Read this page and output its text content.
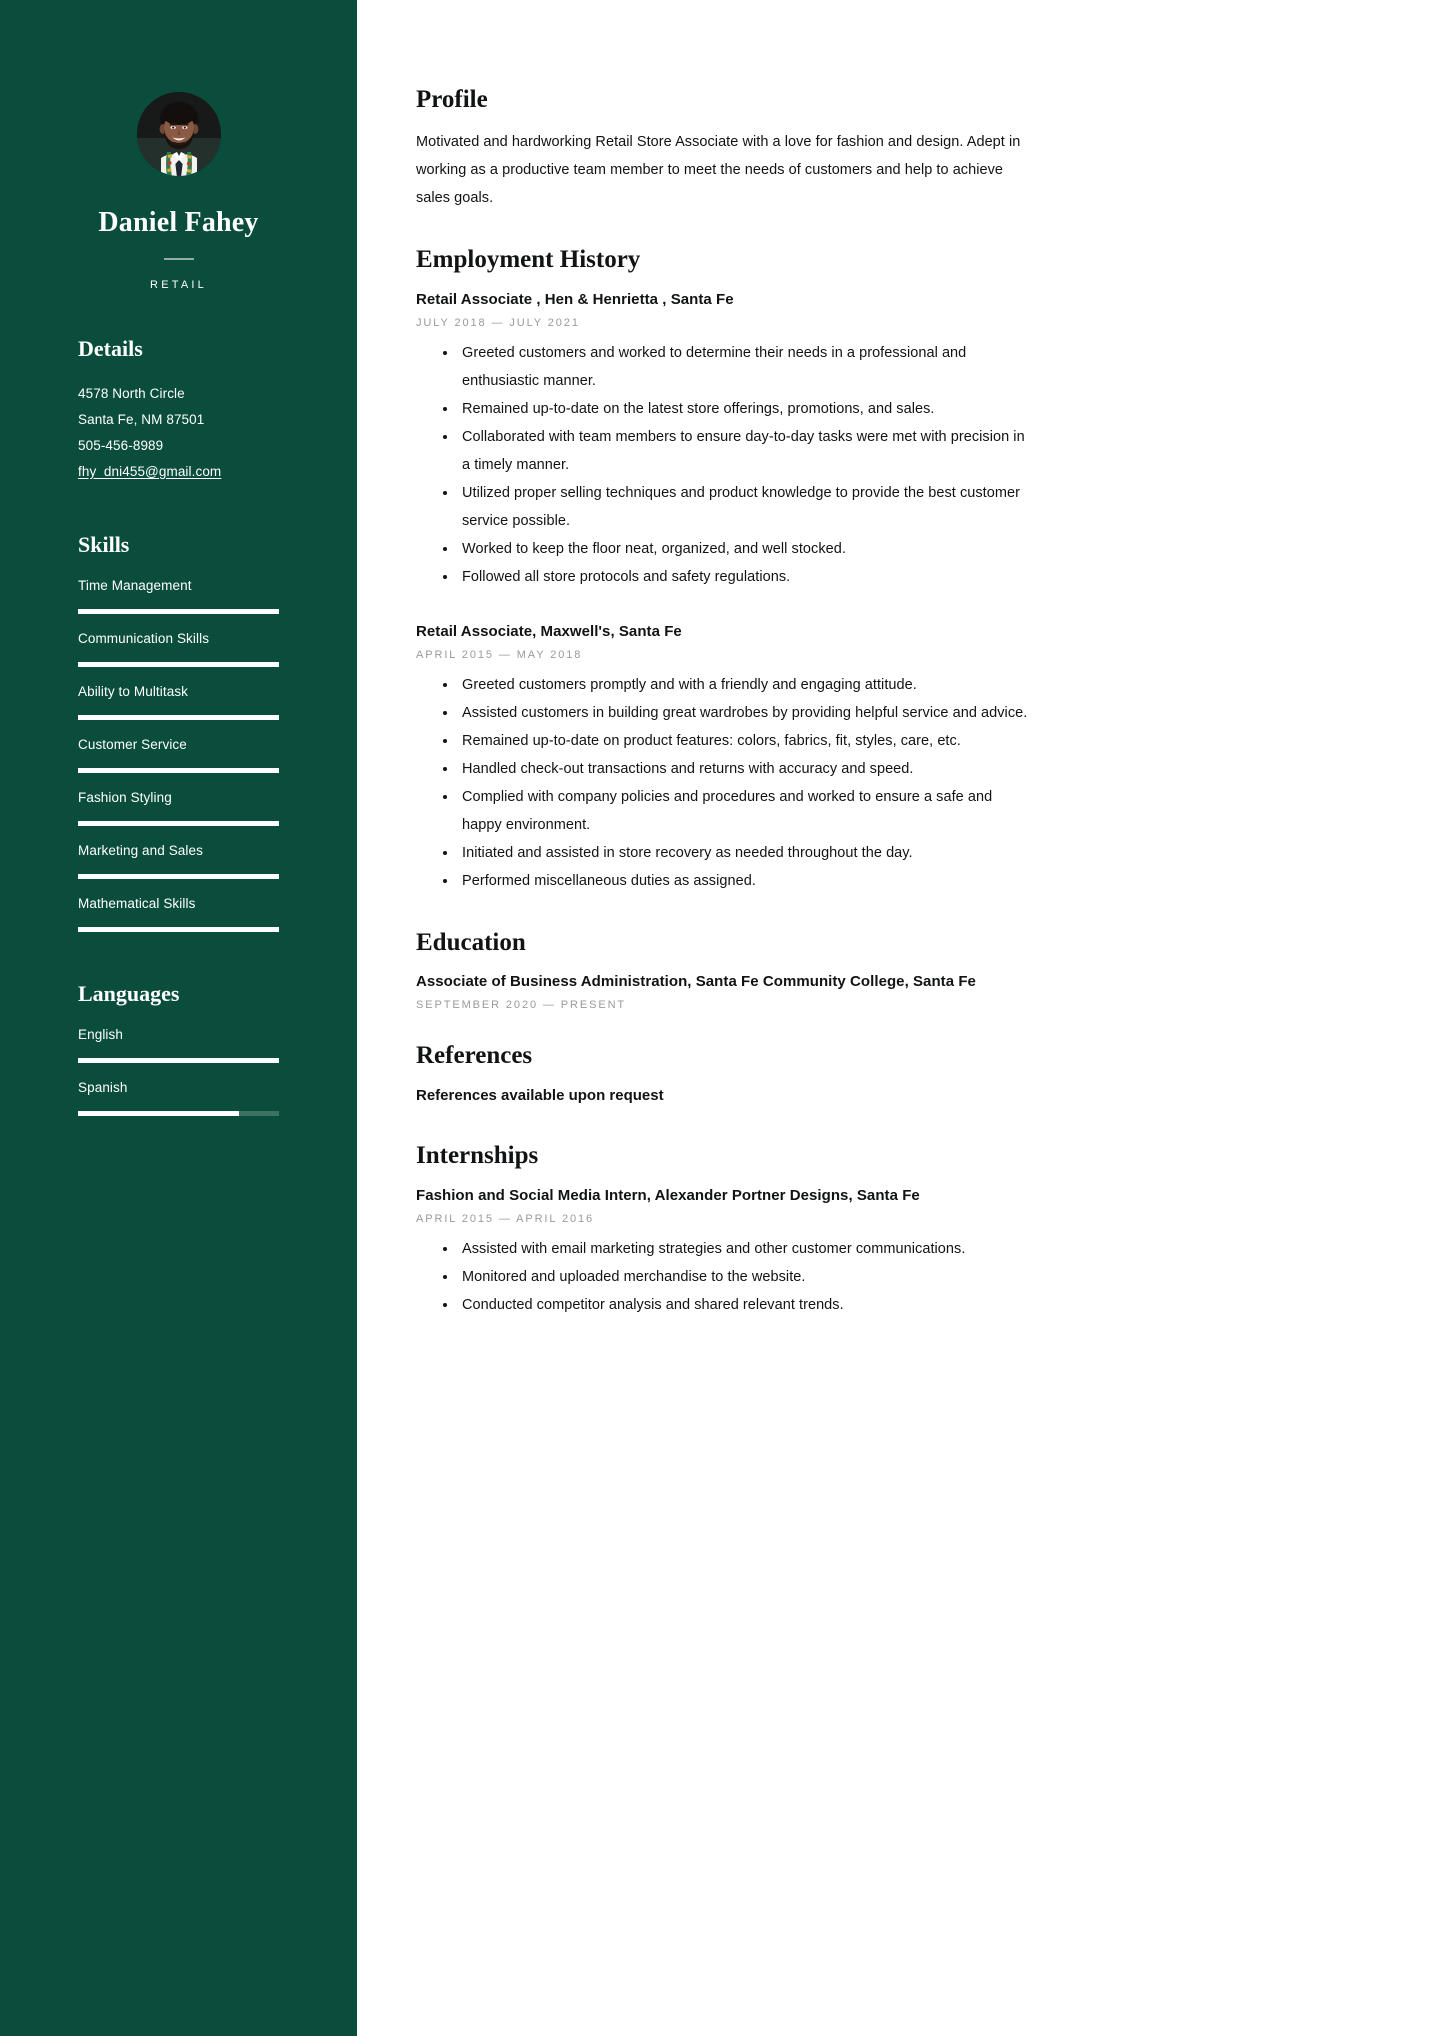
Daniel Fahey
RETAIL
Details
4578 North Circle
Santa Fe, NM 87501
505-456-8989
fhy_dni455@gmail.com
Skills
Time Management
Communication Skills
Ability to Multitask
Customer Service
Fashion Styling
Marketing and Sales
Mathematical Skills
Languages
English
Spanish
Profile

Motivated and hardworking Retail Store Associate with a love for fashion and design. Adept in working as a productive team member to meet the needs of customers and help to achieve sales goals.

Employment History
Retail Associate , Hen & Henrietta , Santa Fe
JULY 2018 — JULY 2021
• Greeted customers and worked to determine their needs in a professional and enthusiastic manner.
• Remained up-to-date on the latest store offerings, promotions, and sales.
• Collaborated with team members to ensure day-to-day tasks were met with precision in a timely manner.
• Utilized proper selling techniques and product knowledge to provide the best customer service possible.
• Worked to keep the floor neat, organized, and well stocked.
• Followed all store protocols and safety regulations.
Retail Associate, Maxwell's, Santa Fe
APRIL 2015 — MAY 2018
• Greeted customers promptly and with a friendly and engaging attitude.
• Assisted customers in building great wardrobes by providing helpful service and advice.
• Remained up-to-date on product features: colors, fabrics, fit, styles, care, etc.
• Handled check-out transactions and returns with accuracy and speed.
• Complied with company policies and procedures and worked to ensure a safe and happy environment.
• Initiated and assisted in store recovery as needed throughout the day.
• Performed miscellaneous duties as assigned.
Education
Associate of Business Administration, Santa Fe Community College, Santa Fe
SEPTEMBER 2020 — PRESENT
References

References available upon request

Internships
Fashion and Social Media Intern, Alexander Portner Designs, Santa Fe
APRIL 2015 — APRIL 2016
• Assisted with email marketing strategies and other customer communications.
• Monitored and uploaded merchandise to the website.
• Conducted competitor analysis and shared relevant trends.
